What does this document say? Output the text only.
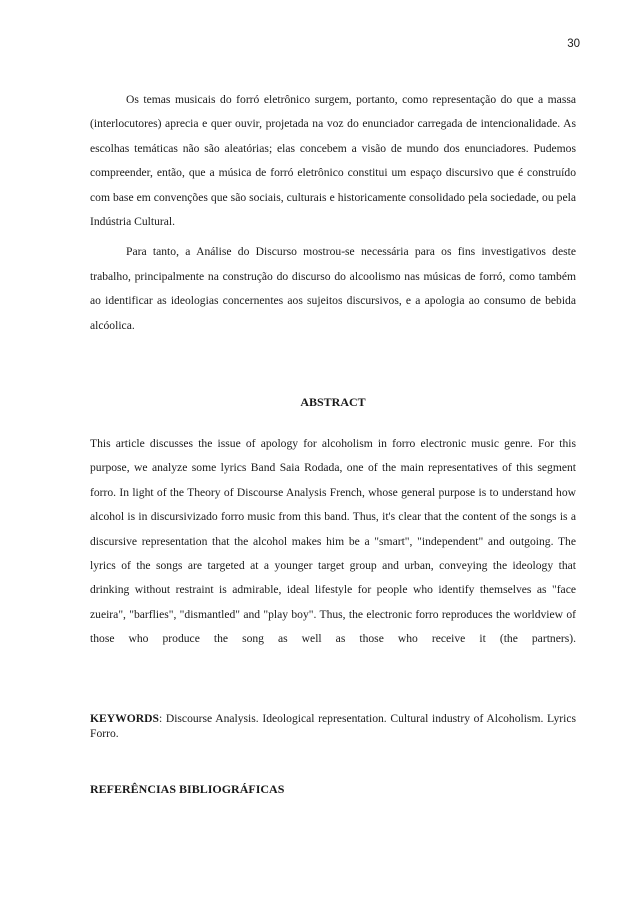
30

Os temas musicais do forró eletrônico surgem, portanto, como representação do que a massa (interlocutores) aprecia e quer ouvir, projetada na voz do enunciador carregada de intencionalidade. As escolhas temáticas não são aleatórias; elas concebem a visão de mundo dos enunciadores. Pudemos compreender, então, que a música de forró eletrônico constitui um espaço discursivo que é construído com base em convenções que são sociais, culturais e historicamente consolidado pela sociedade, ou pela Indústria Cultural.

Para tanto, a Análise do Discurso mostrou-se necessária para os fins investigativos deste trabalho, principalmente na construção do discurso do alcoolismo nas músicas de forró, como também ao identificar as ideologias concernentes aos sujeitos discursivos, e a apologia ao consumo de bebida alcóolica.

ABSTRACT

This article discusses the issue of apology for alcoholism in forro electronic music genre. For this purpose, we analyze some lyrics Band Saia Rodada, one of the main representatives of this segment forro. In light of the Theory of Discourse Analysis French, whose general purpose is to understand how alcohol is in discursivizado forro music from this band. Thus, it's clear that the content of the songs is a discursive representation that the alcohol makes him be a "smart", "independent" and outgoing. The lyrics of the songs are targeted at a younger target group and urban, conveying the ideology that drinking without restraint is admirable, ideal lifestyle for people who identify themselves as "face zueira", "barflies", "dismantled" and "play boy". Thus, the electronic forro reproduces the worldview of those who produce the song as well as those who receive it (the partners).

KEYWORDS: Discourse Analysis. Ideological representation. Cultural industry of Alcoholism. Lyrics Forro.

REFERÊNCIAS BIBLIOGRÁFICAS
